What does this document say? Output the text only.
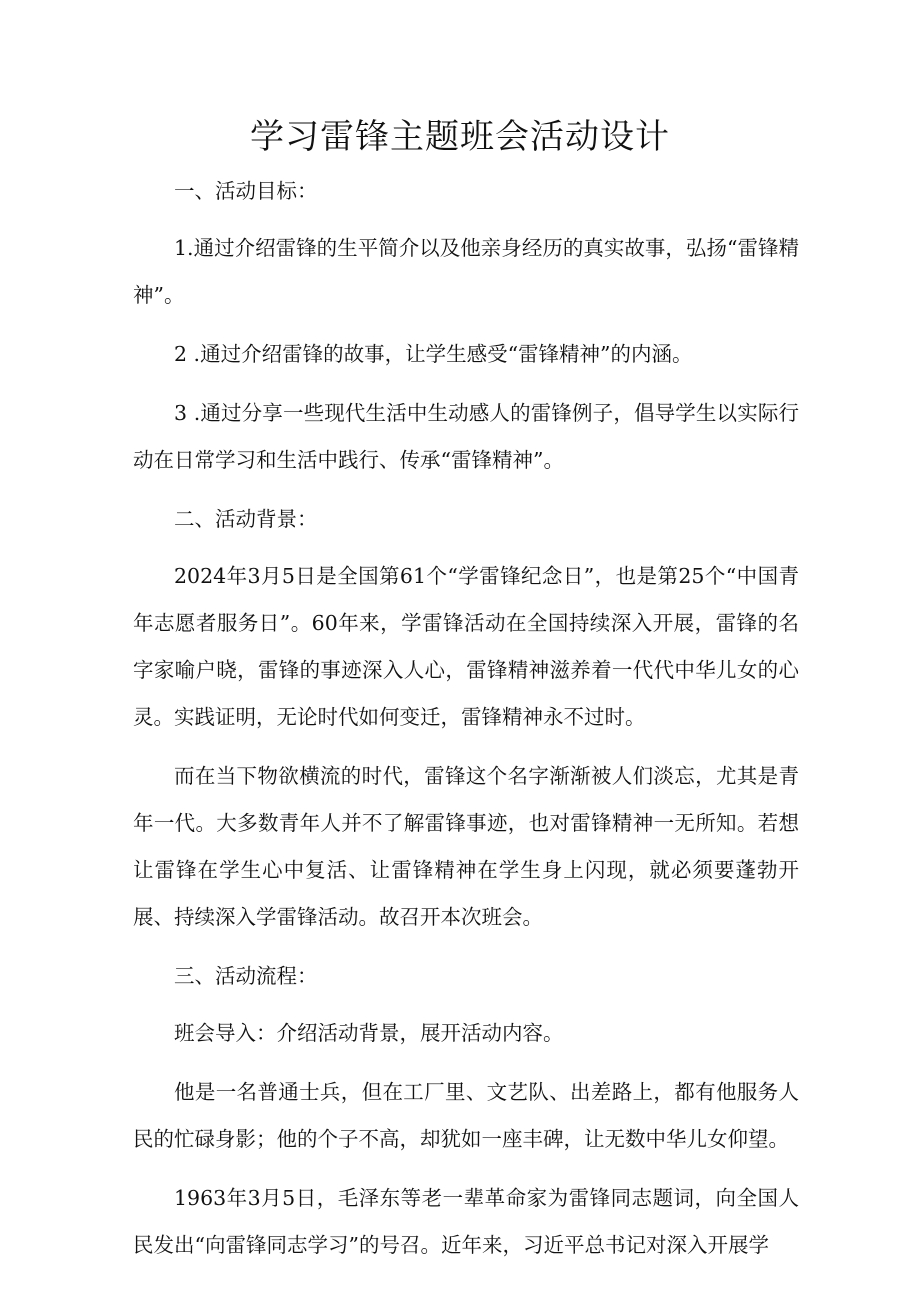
学习雷锋主题班会活动设计

一、活动目标：

1.通过介绍雷锋的生平简介以及他亲身经历的真实故事，弘扬“雷锋精神”。

2 .通过介绍雷锋的故事，让学生感受“雷锋精神”的内涵。

3 .通过分享一些现代生活中生动感人的雷锋例子，倡导学生以实际行动在日常学习和生活中践行、传承“雷锋精神”。

二、活动背景：

2024年3月5日是全国第61个“学雷锋纪念日”，也是第25个“中国青年志愿者服务日”。60年来，学雷锋活动在全国持续深入开展，雷锋的名字家喻户晓，雷锋的事迹深入人心，雷锋精神滋养着一代代中华儿女的心灵。实践证明，无论时代如何变迁，雷锋精神永不过时。

而在当下物欲横流的时代，雷锋这个名字渐渐被人们淡忘，尤其是青年一代。大多数青年人并不了解雷锋事迹，也对雷锋精神一无所知。若想让雷锋在学生心中复活、让雷锋精神在学生身上闪现，就必须要蓬勃开展、持续深入学雷锋活动。故召开本次班会。

三、活动流程：

班会导入：介绍活动背景，展开活动内容。

他是一名普通士兵，但在工厂里、文艺队、出差路上，都有他服务人民的忙碌身影；他的个子不高，却犹如一座丰碑，让无数中华儿女仰望。

1963年3月5日，毛泽东等老一辈革命家为雷锋同志题词，向全国人民发出“向雷锋同志学习”的号召。近年来，习近平总书记对深入开展学
